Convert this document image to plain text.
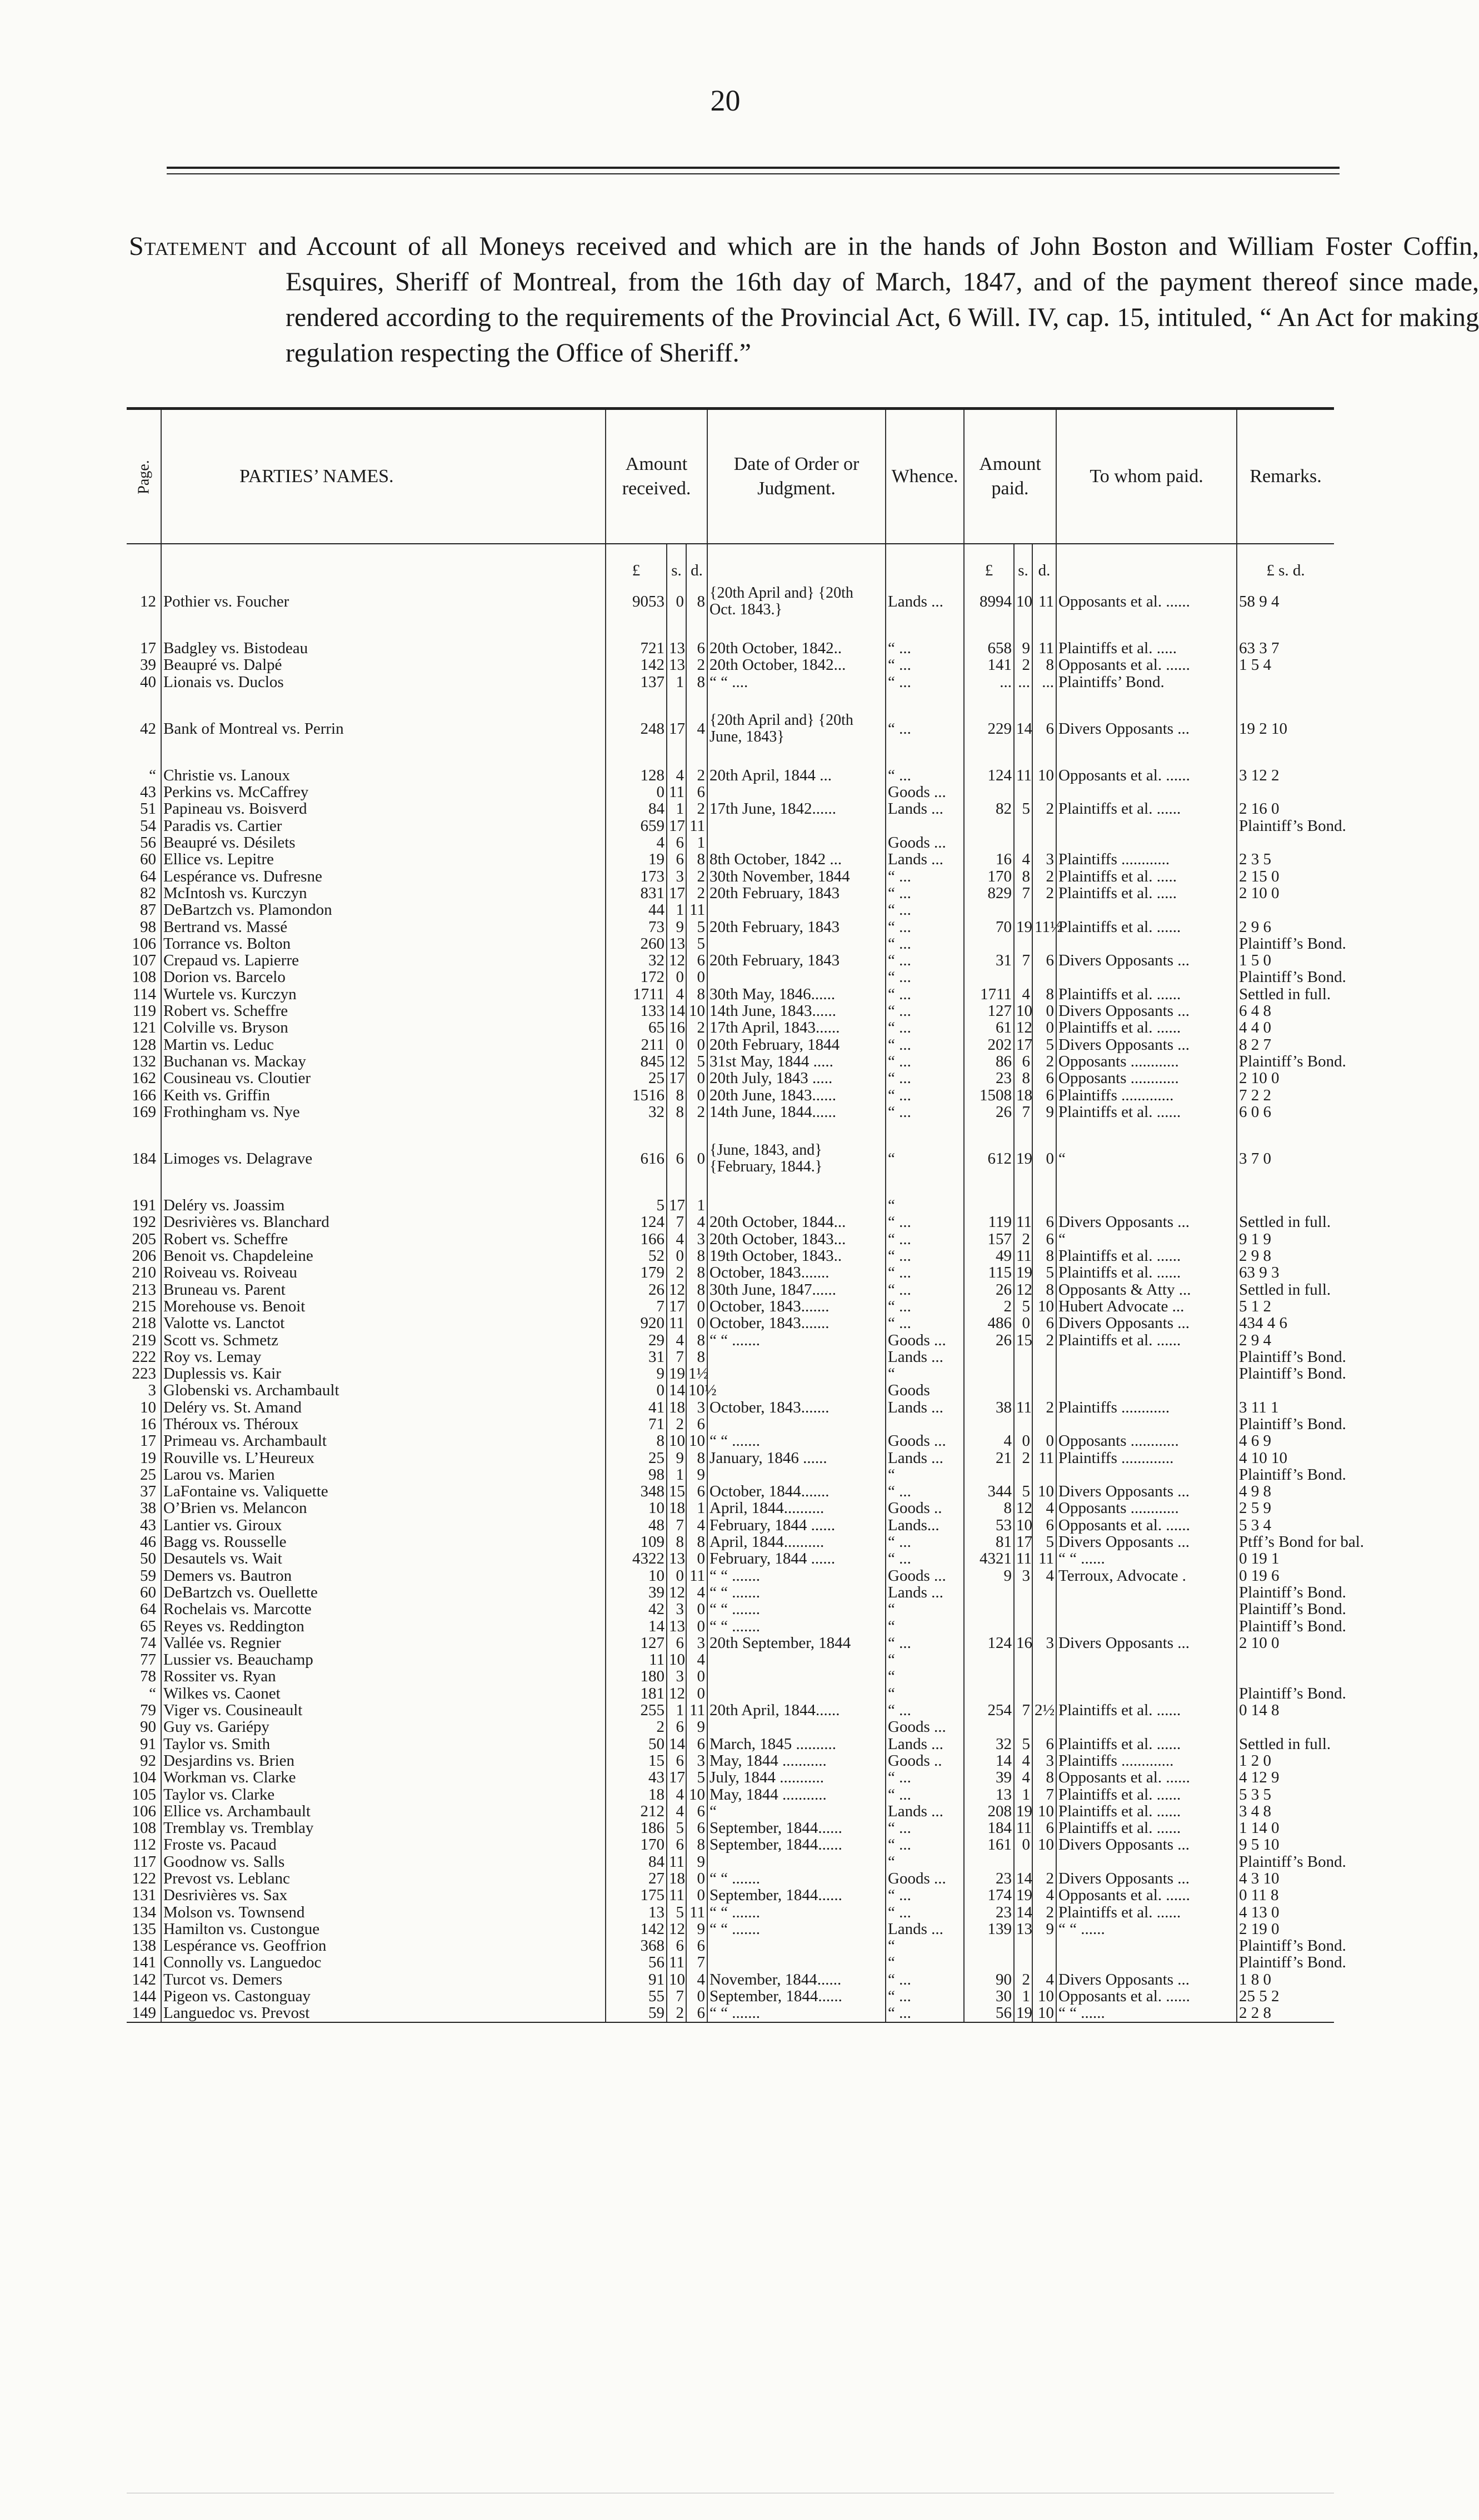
20

Statement and Account of all Moneys received and which are in the hands of John Boston and William Foster Coffin, Esquires, Sheriff of Montreal, from the 16th day of March, 1847, and of the payment thereof since made, rendered according to the requirements of the Provincial Act, 6 Will. IV, cap. 15, intituled, “ An Act for making regulation respecting the Office of Sheriff.”

Page.	PARTIES’ NAMES.	Amount received.			Date of Order or Judgment.	Whence.	Amount paid.			To whom paid.	Remarks.
		£	s.	d.			£	s.	d.		£ s. d.
12	Pothier vs. Foucher	9053	0	8	{20th April and} {20th Oct. 1843.}	Lands ...	8994	10	11	Opposants et al. ......	58 9 4
17	Badgley vs. Bistodeau	721	13	6	20th October, 1842..	“ ...	658	9	11	Plaintiffs et al. .....	63 3 7
39	Beaupré vs. Dalpé	142	13	2	20th October, 1842...	“ ...	141	2	8	Opposants et al. ......	1 5 4
40	Lionais vs. Duclos	137	1	8	“ “ ....	“ ...	...	...	...	Plaintiffs’ Bond.	
42	Bank of Montreal vs. Perrin	248	17	4	{20th April and} {20th June, 1843}	“ ...	229	14	6	Divers Opposants ...	19 2 10
“	Christie vs. Lanoux	128	4	2	20th April, 1844 ...	“ ...	124	11	10	Opposants et al. ......	3 12 2
43	Perkins vs. McCaffrey	0	11	6		Goods ...					
51	Papineau vs. Boisverd	84	1	2	17th June, 1842......	Lands ...	82	5	2	Plaintiffs et al. ......	2 16 0
54	Paradis vs. Cartier	659	17	11							Plaintiff’s Bond.
56	Beaupré vs. Désilets	4	6	1		Goods ...					
60	Ellice vs. Lepitre	19	6	8	8th October, 1842 ...	Lands ...	16	4	3	Plaintiffs ............	2 3 5
64	Lespérance vs. Dufresne	173	3	2	30th November, 1844	“ ...	170	8	2	Plaintiffs et al. .....	2 15 0
82	McIntosh vs. Kurczyn	831	17	2	20th February, 1843	“ ...	829	7	2	Plaintiffs et al. .....	2 10 0
87	DeBartzch vs. Plamondon	44	1	11		“ ...					
98	Bertrand vs. Massé	73	9	5	20th February, 1843	“ ...	70	19	11½	Plaintiffs et al. ......	2 9 6
106	Torrance vs. Bolton	260	13	5		“ ...					Plaintiff’s Bond.
107	Crepaud vs. Lapierre	32	12	6	20th February, 1843	“ ...	31	7	6	Divers Opposants ...	1 5 0
108	Dorion vs. Barcelo	172	0	0		“ ...					Plaintiff’s Bond.
114	Wurtele vs. Kurczyn	1711	4	8	30th May, 1846......	“ ...	1711	4	8	Plaintiffs et al. ......	Settled in full.
119	Robert vs. Scheffre	133	14	10	14th June, 1843......	“ ...	127	10	0	Divers Opposants ...	6 4 8
121	Colville vs. Bryson	65	16	2	17th April, 1843......	“ ...	61	12	0	Plaintiffs et al. ......	4 4 0
128	Martin vs. Leduc	211	0	0	20th February, 1844	“ ...	202	17	5	Divers Opposants ...	8 2 7
132	Buchanan vs. Mackay	845	12	5	31st May, 1844 .....	“ ...	86	6	2	Opposants ............	Plaintiff’s Bond.
162	Cousineau vs. Cloutier	25	17	0	20th July, 1843 .....	“ ...	23	8	6	Opposants ............	2 10 0
166	Keith vs. Griffin	1516	8	0	20th June, 1843......	“ ...	1508	18	6	Plaintiffs .............	7 2 2
169	Frothingham vs. Nye	32	8	2	14th June, 1844......	“ ...	26	7	9	Plaintiffs et al. ......	6 0 6
184	Limoges vs. Delagrave	616	6	0	{June, 1843, and} {February, 1844.}	“	612	19	0	“	3 7 0
191	Deléry vs. Joassim	5	17	1		“					
192	Desrivières vs. Blanchard	124	7	4	20th October, 1844...	“ ...	119	11	6	Divers Opposants ...	Settled in full.
205	Robert vs. Scheffre	166	4	3	20th October, 1843...	“ ...	157	2	6	“	9 1 9
206	Benoit vs. Chapdeleine	52	0	8	19th October, 1843..	“ ...	49	11	8	Plaintiffs et al. ......	2 9 8
210	Roiveau vs. Roiveau	179	2	8	October, 1843.......	“ ...	115	19	5	Plaintiffs et al. ......	63 9 3
213	Bruneau vs. Parent	26	12	8	30th June, 1847......	“ ...	26	12	8	Opposants & Atty ...	Settled in full.
215	Morehouse vs. Benoit	7	17	0	October, 1843.......	“ ...	2	5	10	Hubert Advocate ...	5 1 2
218	Valotte vs. Lanctot	920	11	0	October, 1843.......	“ ...	486	0	6	Divers Opposants ...	434 4 6
219	Scott vs. Schmetz	29	4	8	“ “ .......	Goods ...	26	15	2	Plaintiffs et al. ......	2 9 4
222	Roy vs. Lemay	31	7	8		Lands ...					Plaintiff’s Bond.
223	Duplessis vs. Kair	9	19	1½		“					Plaintiff’s Bond.
3	Globenski vs. Archambault	0	14	10½		Goods					
10	Deléry vs. St. Amand	41	18	3	October, 1843.......	Lands ...	38	11	2	Plaintiffs ............	3 11 1
16	Théroux vs. Théroux	71	2	6							Plaintiff’s Bond.
17	Primeau vs. Archambault	8	10	10	“ “ .......	Goods ...	4	0	0	Opposants ............	4 6 9
19	Rouville vs. L’Heureux	25	9	8	January, 1846 ......	Lands ...	21	2	11	Plaintiffs .............	4 10 10
25	Larou vs. Marien	98	1	9		“					Plaintiff’s Bond.
37	LaFontaine vs. Valiquette	348	15	6	October, 1844.......	“ ...	344	5	10	Divers Opposants ...	4 9 8
38	O’Brien vs. Melancon	10	18	1	April, 1844..........	Goods ..	8	12	4	Opposants ............	2 5 9
43	Lantier vs. Giroux	48	7	4	February, 1844 ......	Lands...	53	10	6	Opposants et al. ......	5 3 4
46	Bagg vs. Rousselle	109	8	8	April, 1844..........	“ ...	81	17	5	Divers Opposants ...	Ptff’s Bond for bal.
50	Desautels vs. Wait	4322	13	0	February, 1844 ......	“ ...	4321	11	11	“ “ ......	0 19 1
59	Demers vs. Bautron	10	0	11	“ “ .......	Goods ...	9	3	4	Terroux, Advocate .	0 19 6
60	DeBartzch vs. Ouellette	39	12	4	“ “ .......	Lands ...					Plaintiff’s Bond.
64	Rochelais vs. Marcotte	42	3	0	“ “ .......	“					Plaintiff’s Bond.
65	Reyes vs. Reddington	14	13	0	“ “ .......	“					Plaintiff’s Bond.
74	Vallée vs. Regnier	127	6	3	20th September, 1844	“ ...	124	16	3	Divers Opposants ...	2 10 0
77	Lussier vs. Beauchamp	11	10	4		“					
78	Rossiter vs. Ryan	180	3	0		“					
“	Wilkes vs. Caonet	181	12	0		“					Plaintiff’s Bond.
79	Viger vs. Cousineault	255	1	11	20th April, 1844......	“ ...	254	7	2½	Plaintiffs et al. ......	0 14 8
90	Guy vs. Gariépy	2	6	9		Goods ...					
91	Taylor vs. Smith	50	14	6	March, 1845 ..........	Lands ...	32	5	6	Plaintiffs et al. ......	Settled in full.
92	Desjardins vs. Brien	15	6	3	May, 1844 ...........	Goods ..	14	4	3	Plaintiffs .............	1 2 0
104	Workman vs. Clarke	43	17	5	July, 1844 ...........	“ ...	39	4	8	Opposants et al. ......	4 12 9
105	Taylor vs. Clarke	18	4	10	May, 1844 ...........	“ ...	13	1	7	Plaintiffs et al. ......	5 3 5
106	Ellice vs. Archambault	212	4	6	“	Lands ...	208	19	10	Plaintiffs et al. ......	3 4 8
108	Tremblay vs. Tremblay	186	5	6	September, 1844......	“ ...	184	11	6	Plaintiffs et al. ......	1 14 0
112	Froste vs. Pacaud	170	6	8	September, 1844......	“ ...	161	0	10	Divers Opposants ...	9 5 10
117	Goodnow vs. Salls	84	11	9		“					Plaintiff’s Bond.
122	Prevost vs. Leblanc	27	18	0	“ “ .......	Goods ...	23	14	2	Divers Opposants ...	4 3 10
131	Desrivières vs. Sax	175	11	0	September, 1844......	“ ...	174	19	4	Opposants et al. ......	0 11 8
134	Molson vs. Townsend	13	5	11	“ “ .......	“ ...	23	14	2	Plaintiffs et al. ......	4 13 0
135	Hamilton vs. Custongue	142	12	9	“ “ .......	Lands ...	139	13	9	“ “ ......	2 19 0
138	Lespérance vs. Geoffrion	368	6	6		“					Plaintiff’s Bond.
141	Connolly vs. Languedoc	56	11	7		“					Plaintiff’s Bond.
142	Turcot vs. Demers	91	10	4	November, 1844......	“ ...	90	2	4	Divers Opposants ...	1 8 0
144	Pigeon vs. Castonguay	55	7	0	September, 1844......	“ ...	30	1	10	Opposants et al. ......	25 5 2
149	Languedoc vs. Prevost	59	2	6	“ “ .......	“ ...	56	19	10	“ “ ......	2 2 8
